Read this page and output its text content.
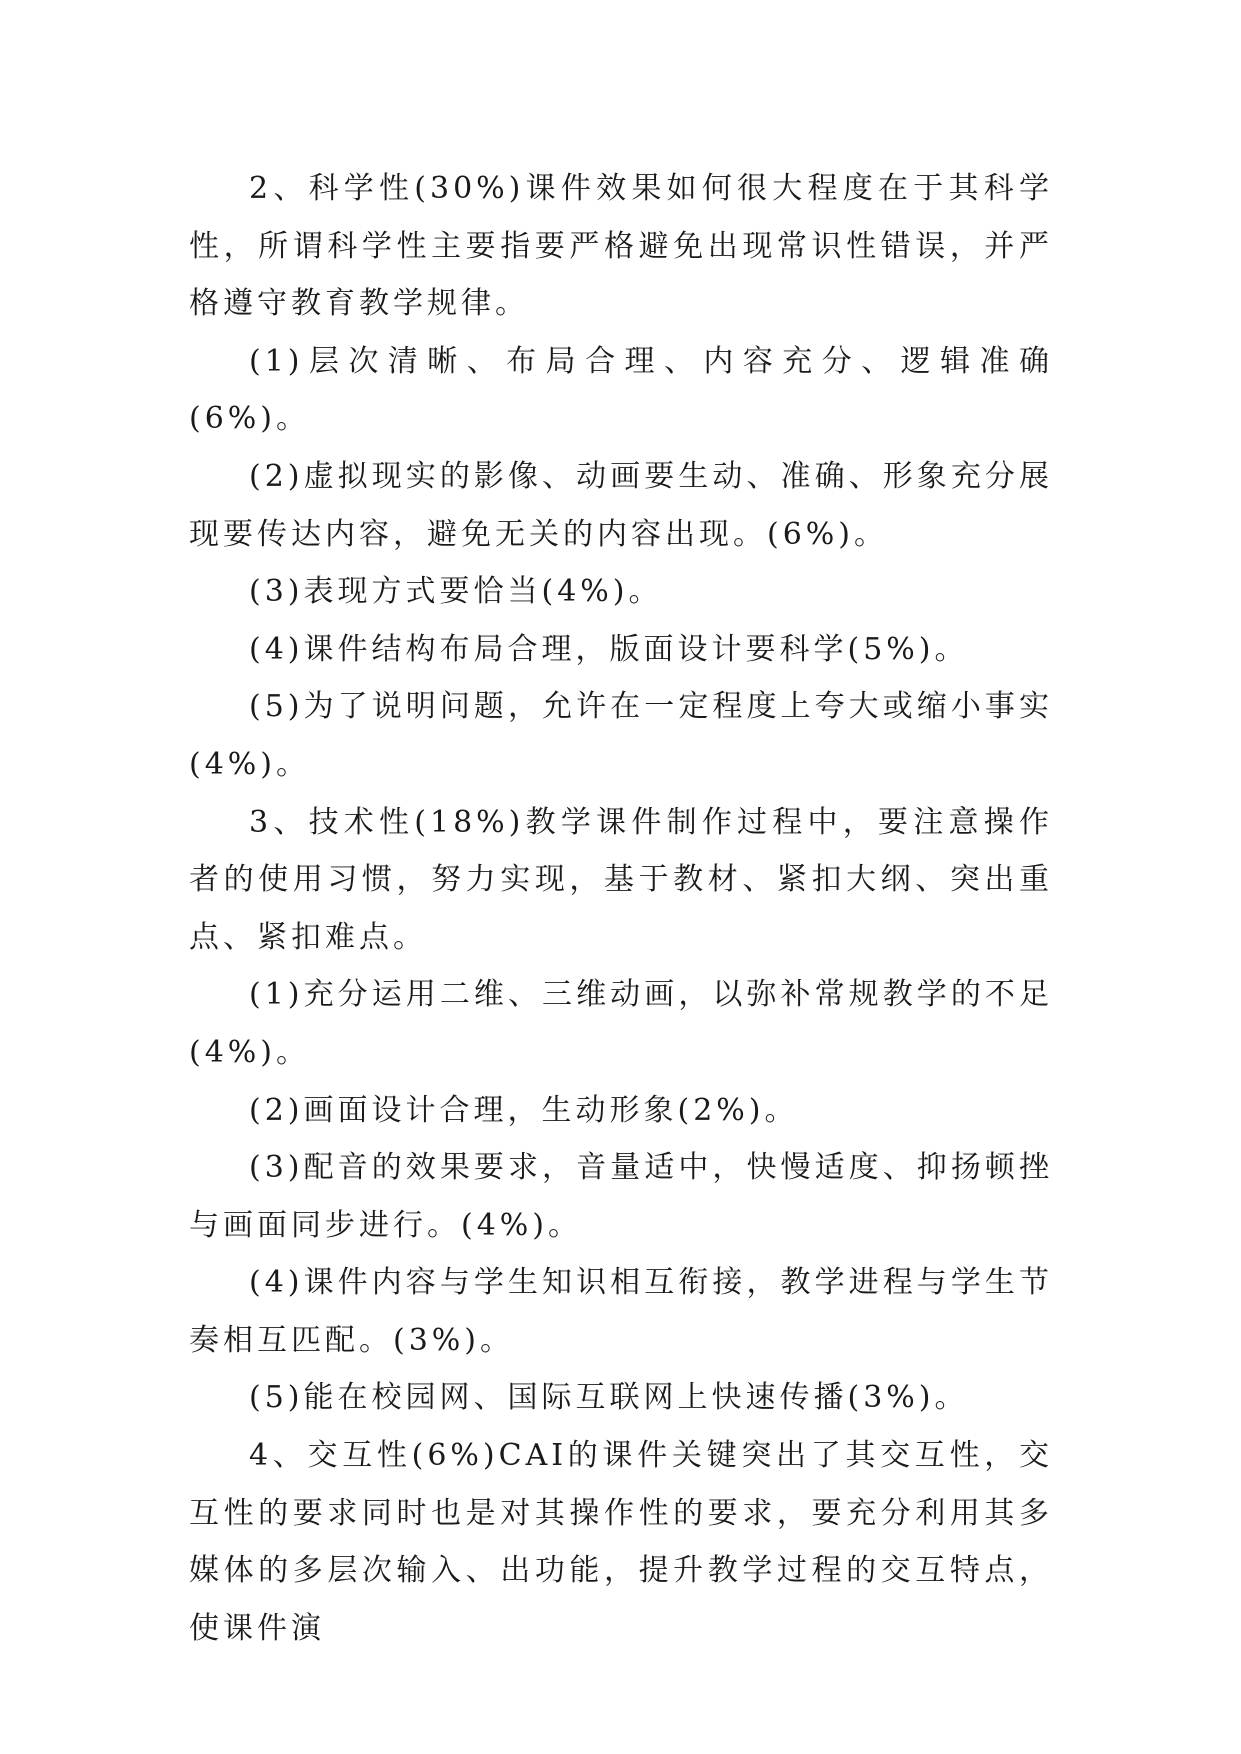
2、科学性(30%)课件效果如何很大程度在于其科学性，所谓科学性主要指要严格避免出现常识性错误，并严格遵守教育教学规律。

(1)层次清晰、布局合理、内容充分、逻辑准确(6%)。

(2)虚拟现实的影像、动画要生动、准确、形象充分展现要传达内容，避免无关的内容出现。(6%)。

(3)表现方式要恰当(4%)。

(4)课件结构布局合理，版面设计要科学(5%)。

(5)为了说明问题，允许在一定程度上夸大或缩小事实(4%)。

3、技术性(18%)教学课件制作过程中，要注意操作者的使用习惯，努力实现，基于教材、紧扣大纲、突出重点、紧扣难点。

(1)充分运用二维、三维动画，以弥补常规教学的不足(4%)。

(2)画面设计合理，生动形象(2%)。

(3)配音的效果要求，音量适中，快慢适度、抑扬顿挫与画面同步进行。(4%)。

(4)课件内容与学生知识相互衔接，教学进程与学生节奏相互匹配。(3%)。

(5)能在校园网、国际互联网上快速传播(3%)。

4、交互性(6%)CAI的课件关键突出了其交互性，交互性的要求同时也是对其操作性的要求，要充分利用其多媒体的多层次输入、出功能，提升教学过程的交互特点，使课件演
